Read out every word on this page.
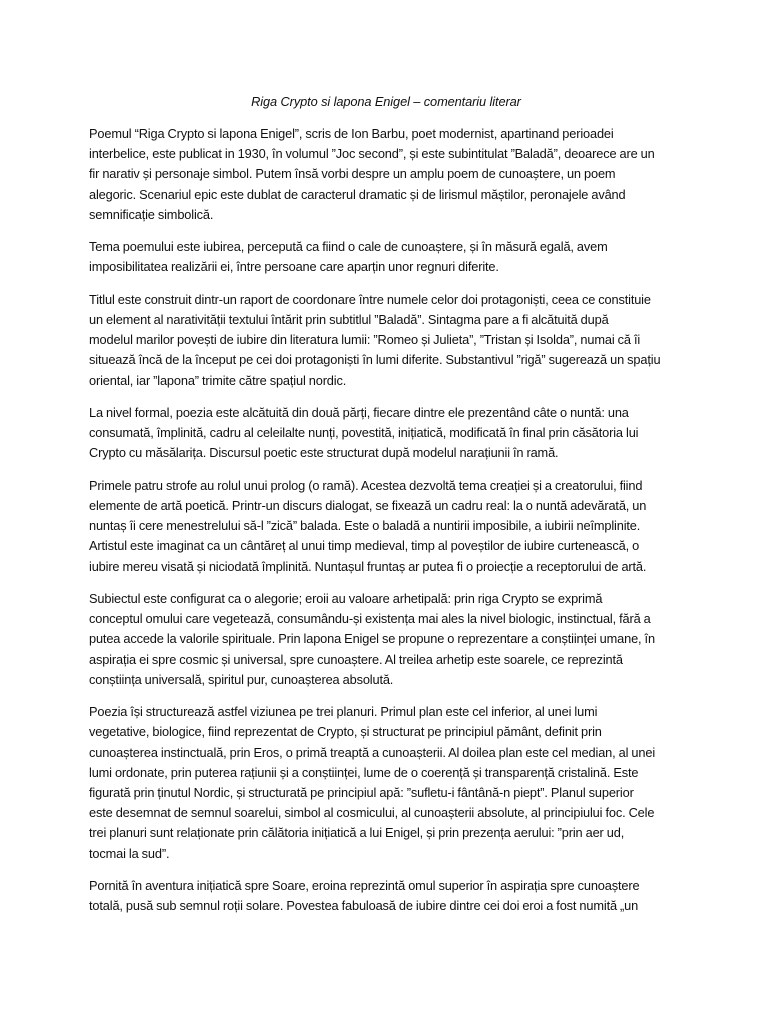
Riga Crypto si lapona Enigel – comentariu literar

Poemul “Riga Crypto si lapona Enigel”, scris de Ion Barbu, poet modernist, apartinand perioadei
interbelice, este publicat in 1930, în volumul ”Joc second”, și este subintitulat ”Baladă”, deoarece are un
fir narativ și personaje simbol. Putem însă vorbi despre un amplu poem de cunoaștere, un poem
alegoric. Scenariul epic este dublat de caracterul dramatic și de lirismul măștilor, peronajele având
semnificație simbolică.

Tema poemului este iubirea, percepută ca fiind o cale de cunoaștere, și în măsură egală, avem
imposibilitatea realizării ei, între persoane care aparțin unor regnuri diferite.

Titlul este construit dintr-un raport de coordonare între numele celor doi protagoniști, ceea ce constituie
un element al narativității textului întărit prin subtitlul ”Baladă”. Sintagma pare a fi alcătuită după
modelul marilor povești de iubire din literatura lumii: ”Romeo și Julieta”, ”Tristan și Isolda”, numai că îi
situează încă de la început pe cei doi protagoniști în lumi diferite. Substantivul ”rigă” sugerează un spațiu
oriental, iar ”lapona” trimite către spațiul nordic.

La nivel formal, poezia este alcătuită din două părți, fiecare dintre ele prezentând câte o nuntă: una
consumată, împlinită, cadru al celeilalte nunți, povestită, inițiatică, modificată în final prin căsătoria lui
Crypto cu măsălarița. Discursul poetic este structurat după modelul narațiunii în ramă.

Primele patru strofe au rolul unui prolog (o ramă). Acestea dezvoltă tema creației și a creatorului, fiind
elemente de artă poetică. Printr-un discurs dialogat, se fixează un cadru real: la o nuntă adevărată, un
nuntaș îi cere menestrelului să-l ”zică” balada. Este o baladă a nuntirii imposibile, a iubirii neîmplinite.
Artistul este imaginat ca un cântăreț al unui timp medieval, timp al poveștilor de iubire curtenească, o
iubire mereu visată și niciodată împlinită. Nuntașul fruntaș ar putea fi o proiecție a receptorului de artă.

Subiectul este configurat ca o alegorie; eroii au valoare arhetipală: prin riga Crypto se exprimă
conceptul omului care vegetează, consumându-și existența mai ales la nivel biologic, instinctual, fără a
putea accede la valorile spirituale. Prin lapona Enigel se propune o reprezentare a conștiinței umane, în
aspirația ei spre cosmic și universal, spre cunoaștere. Al treilea arhetip este soarele, ce reprezintă
conștiința universală, spiritul pur, cunoașterea absolută.

Poezia își structurează astfel viziunea pe trei planuri. Primul plan este cel inferior, al unei lumi
vegetative, biologice, fiind reprezentat de Crypto, și structurat pe principiul pământ, definit prin
cunoașterea instinctuală, prin Eros, o primă treaptă a cunoașterii. Al doilea plan este cel median, al unei
lumi ordonate, prin puterea rațiunii și a conștiinței, lume de o coerență și transparență cristalină. Este
figurată prin ținutul Nordic, și structurată pe principiul apă: ”sufletu-i fântână-n piept”. Planul superior
este desemnat de semnul soarelui, simbol al cosmicului, al cunoașterii absolute, al principiului foc. Cele
trei planuri sunt relaționate prin călătoria inițiatică a lui Enigel, și prin prezența aerului: ”prin aer ud,
tocmai la sud”.

Pornită în aventura inițiatică spre Soare, eroina reprezintă omul superior în aspirația spre cunoaștere
totală, pusă sub semnul roții solare. Povestea fabuloasă de iubire dintre cei doi eroi a fost numită „un
